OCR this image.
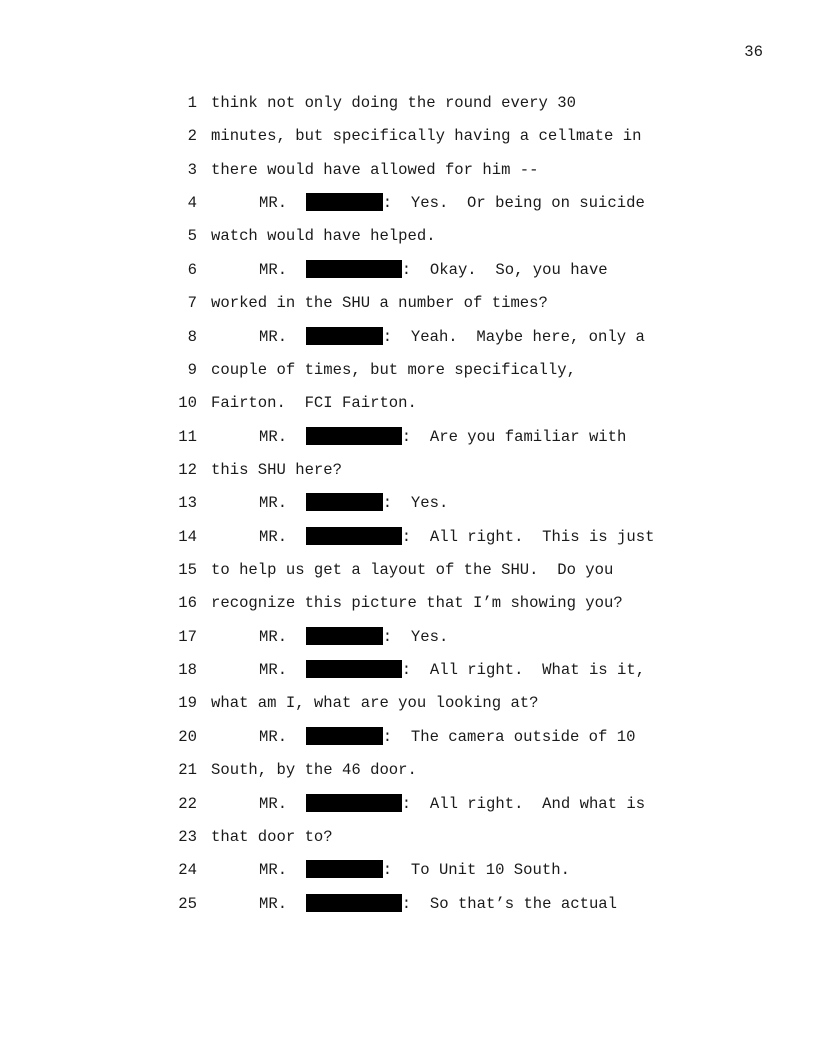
36
1 think not only doing the round every 30
2 minutes, but specifically having a cellmate in
3 there would have allowed for him --
4	MR.	:  Yes.  Or being on suicide
5 watch would have helped.
6	MR.	:  Okay.  So, you have
7 worked in the SHU a number of times?
8	MR.	:  Yeah.  Maybe here, only a
9 couple of times, but more specifically,
10 Fairton.  FCI Fairton.
11	MR.	:  Are you familiar with
12 this SHU here?
13	MR.	:  Yes.
14	MR.	:  All right.  This is just
15 to help us get a layout of the SHU.  Do you
16 recognize this picture that I’m showing you?
17	MR.	:  Yes.
18	MR.	:  All right.  What is it,
19 what am I, what are you looking at?
20	MR.	:  The camera outside of 10
21 South, by the 46 door.
22	MR.	:  All right.  And what is
23 that door to?
24	MR.	:  To Unit 10 South.
25	MR.	:  So that’s the actual
